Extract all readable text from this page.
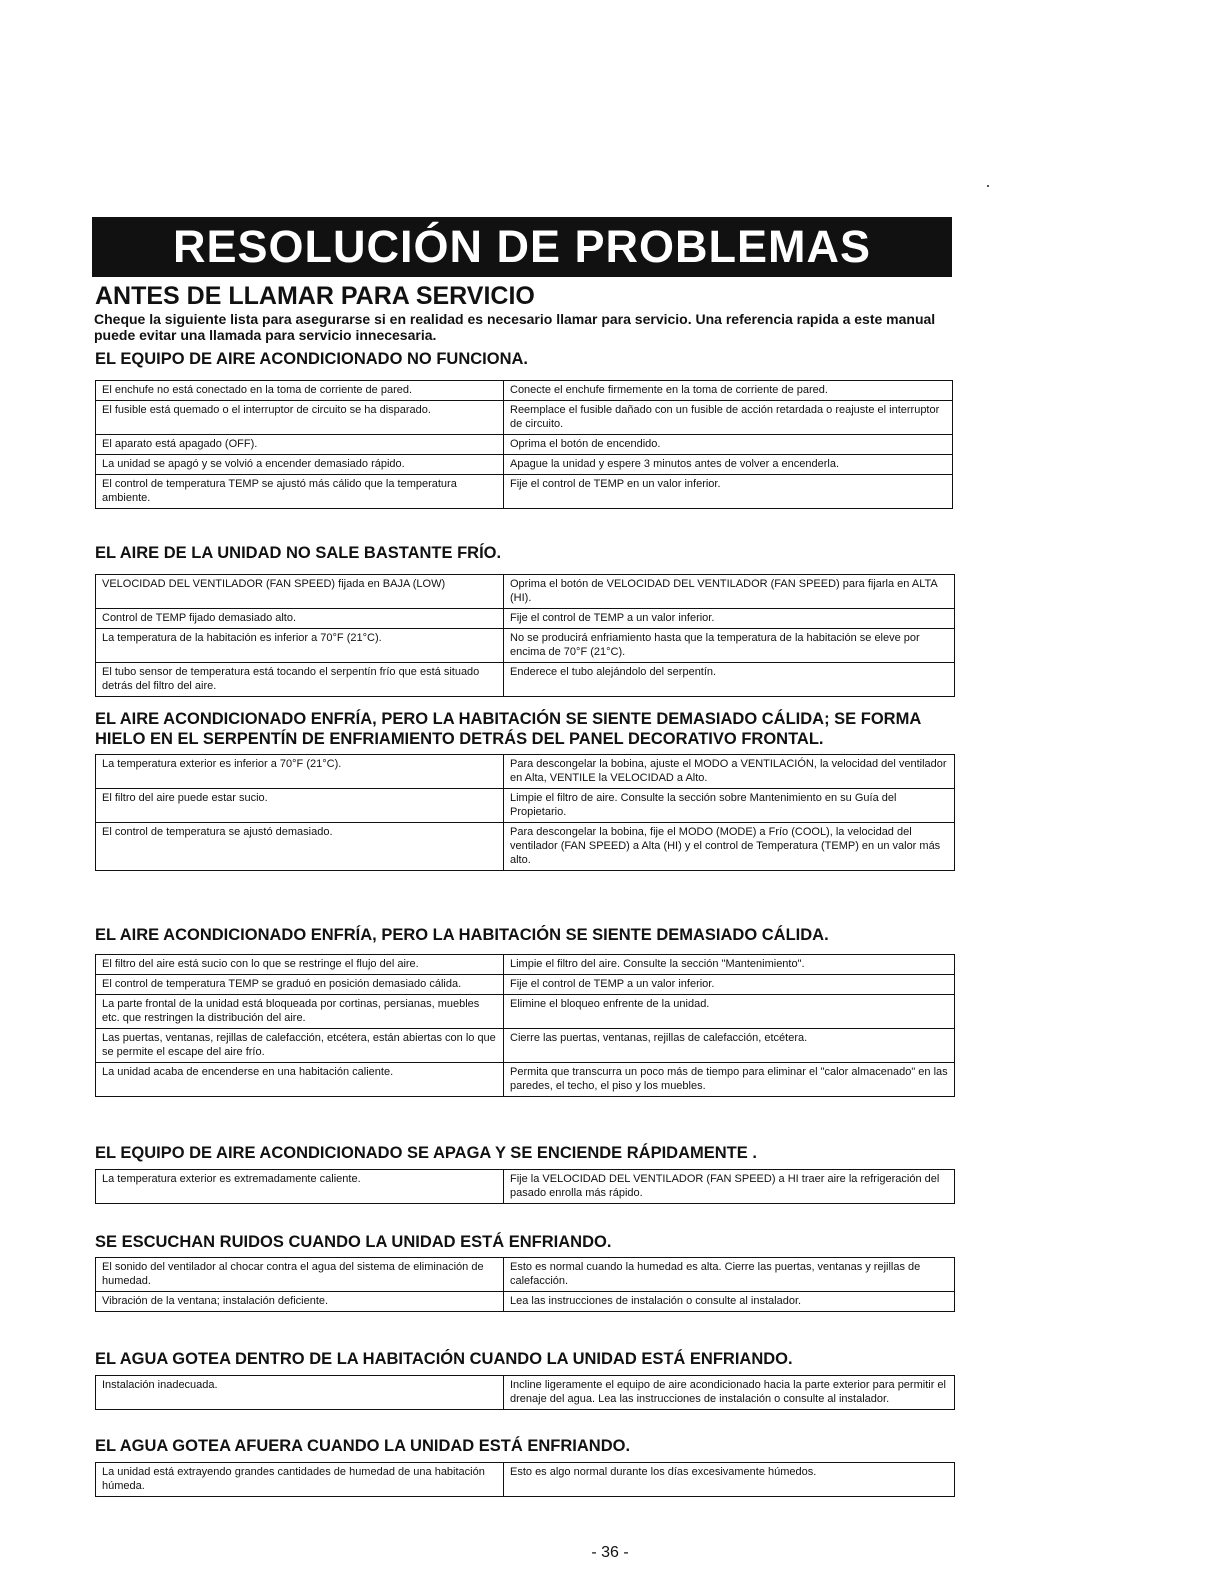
RESOLUCIÓN DE PROBLEMAS
ANTES DE LLAMAR PARA SERVICIO

Cheque la siguiente lista para asegurarse si en realidad es necesario llamar para servicio. Una referencia rapida a este manual puede evitar una llamada para servicio innecesaria.

EL EQUIPO DE AIRE ACONDICIONADO NO FUNCIONA.
El enchufe no está conectado en la toma de corriente de pared.	Conecte el enchufe firmemente en la toma de corriente de pared.
El fusible está quemado o el interruptor de circuito se ha disparado.	Reemplace el fusible dañado con un fusible de acción retardada o reajuste el interruptor de circuito.
El aparato está apagado (OFF).	Oprima el botón de encendido.
La unidad se apagó y se volvió a encender demasiado rápido.	Apague la unidad y espere 3 minutos antes de volver a encenderla.
El control de temperatura TEMP se ajustó más cálido que la temperatura ambiente.	Fije el control de TEMP en un valor inferior.
EL AIRE DE LA UNIDAD NO SALE BASTANTE FRÍO.
VELOCIDAD DEL VENTILADOR (FAN SPEED) fijada en BAJA (LOW)	Oprima el botón de VELOCIDAD DEL VENTILADOR (FAN SPEED) para fijarla en ALTA (HI).
Control de TEMP fijado demasiado alto.	Fije el control de TEMP a un valor inferior.
La temperatura de la habitación es inferior a 70°F (21°C).	No se producirá enfriamiento hasta que la temperatura de la habitación se eleve por encima de 70°F (21°C).
El tubo sensor de temperatura está tocando el serpentín frío que está situado detrás del filtro del aire.	Enderece el tubo alejándolo del serpentín.
EL AIRE ACONDICIONADO ENFRÍA, PERO LA HABITACIÓN SE SIENTE DEMASIADO CÁLIDA; SE FORMA HIELO EN EL SERPENTÍN DE ENFRIAMIENTO DETRÁS DEL PANEL DECORATIVO FRONTAL.
La temperatura exterior es inferior a 70°F (21°C).	Para descongelar la bobina, ajuste el MODO a VENTILACIÓN, la velocidad del ventilador en Alta, VENTILE la VELOCIDAD a Alto.
El filtro del aire puede estar sucio.	Limpie el filtro de aire. Consulte la sección sobre Mantenimiento en su Guía del Propietario.
El control de temperatura se ajustó demasiado.	Para descongelar la bobina, fije el MODO (MODE) a Frío (COOL), la velocidad del ventilador (FAN SPEED) a Alta (HI) y el control de Temperatura (TEMP) en un valor más alto.
EL AIRE ACONDICIONADO ENFRÍA, PERO LA HABITACIÓN SE SIENTE DEMASIADO CÁLIDA.
El filtro del aire está sucio con lo que se restringe el flujo del aire.	Limpie el filtro del aire. Consulte la sección "Mantenimiento".
El control de temperatura TEMP se graduó en posición demasiado cálida.	Fije el control de TEMP a un valor inferior.
La parte frontal de la unidad está bloqueada por cortinas, persianas, muebles etc. que restringen la distribución del aire.	Elimine el bloqueo enfrente de la unidad.
Las puertas, ventanas, rejillas de calefacción, etcétera, están abiertas con lo que se permite el escape del aire frío.	Cierre las puertas, ventanas, rejillas de calefacción, etcétera.
La unidad acaba de encenderse en una habitación caliente.	Permita que transcurra un poco más de tiempo para eliminar el "calor almacenado" en las paredes, el techo, el piso y los muebles.
EL EQUIPO DE AIRE ACONDICIONADO SE APAGA Y SE ENCIENDE RÁPIDAMENTE .
La temperatura exterior es extremadamente caliente.	Fije la VELOCIDAD DEL VENTILADOR (FAN SPEED) a HI traer aire la refrigeración del pasado enrolla más rápido.
SE ESCUCHAN RUIDOS CUANDO LA UNIDAD ESTÁ ENFRIANDO.
El sonido del ventilador al chocar contra el agua del sistema de eliminación de humedad.	Esto es normal cuando la humedad es alta. Cierre las puertas, ventanas y rejillas de calefacción.
Vibración de la ventana; instalación deficiente.	Lea las instrucciones de instalación o consulte al instalador.
EL AGUA GOTEA DENTRO DE LA HABITACIÓN CUANDO LA UNIDAD ESTÁ ENFRIANDO.
Instalación inadecuada.	Incline ligeramente el equipo de aire acondicionado hacia la parte exterior para permitir el drenaje del agua. Lea las instrucciones de instalación o consulte al instalador.
EL AGUA GOTEA AFUERA CUANDO LA UNIDAD ESTÁ ENFRIANDO.
La unidad está extrayendo grandes cantidades de humedad de una habitación húmeda.	Esto es algo normal durante los días excesivamente húmedos.
- 36 -
